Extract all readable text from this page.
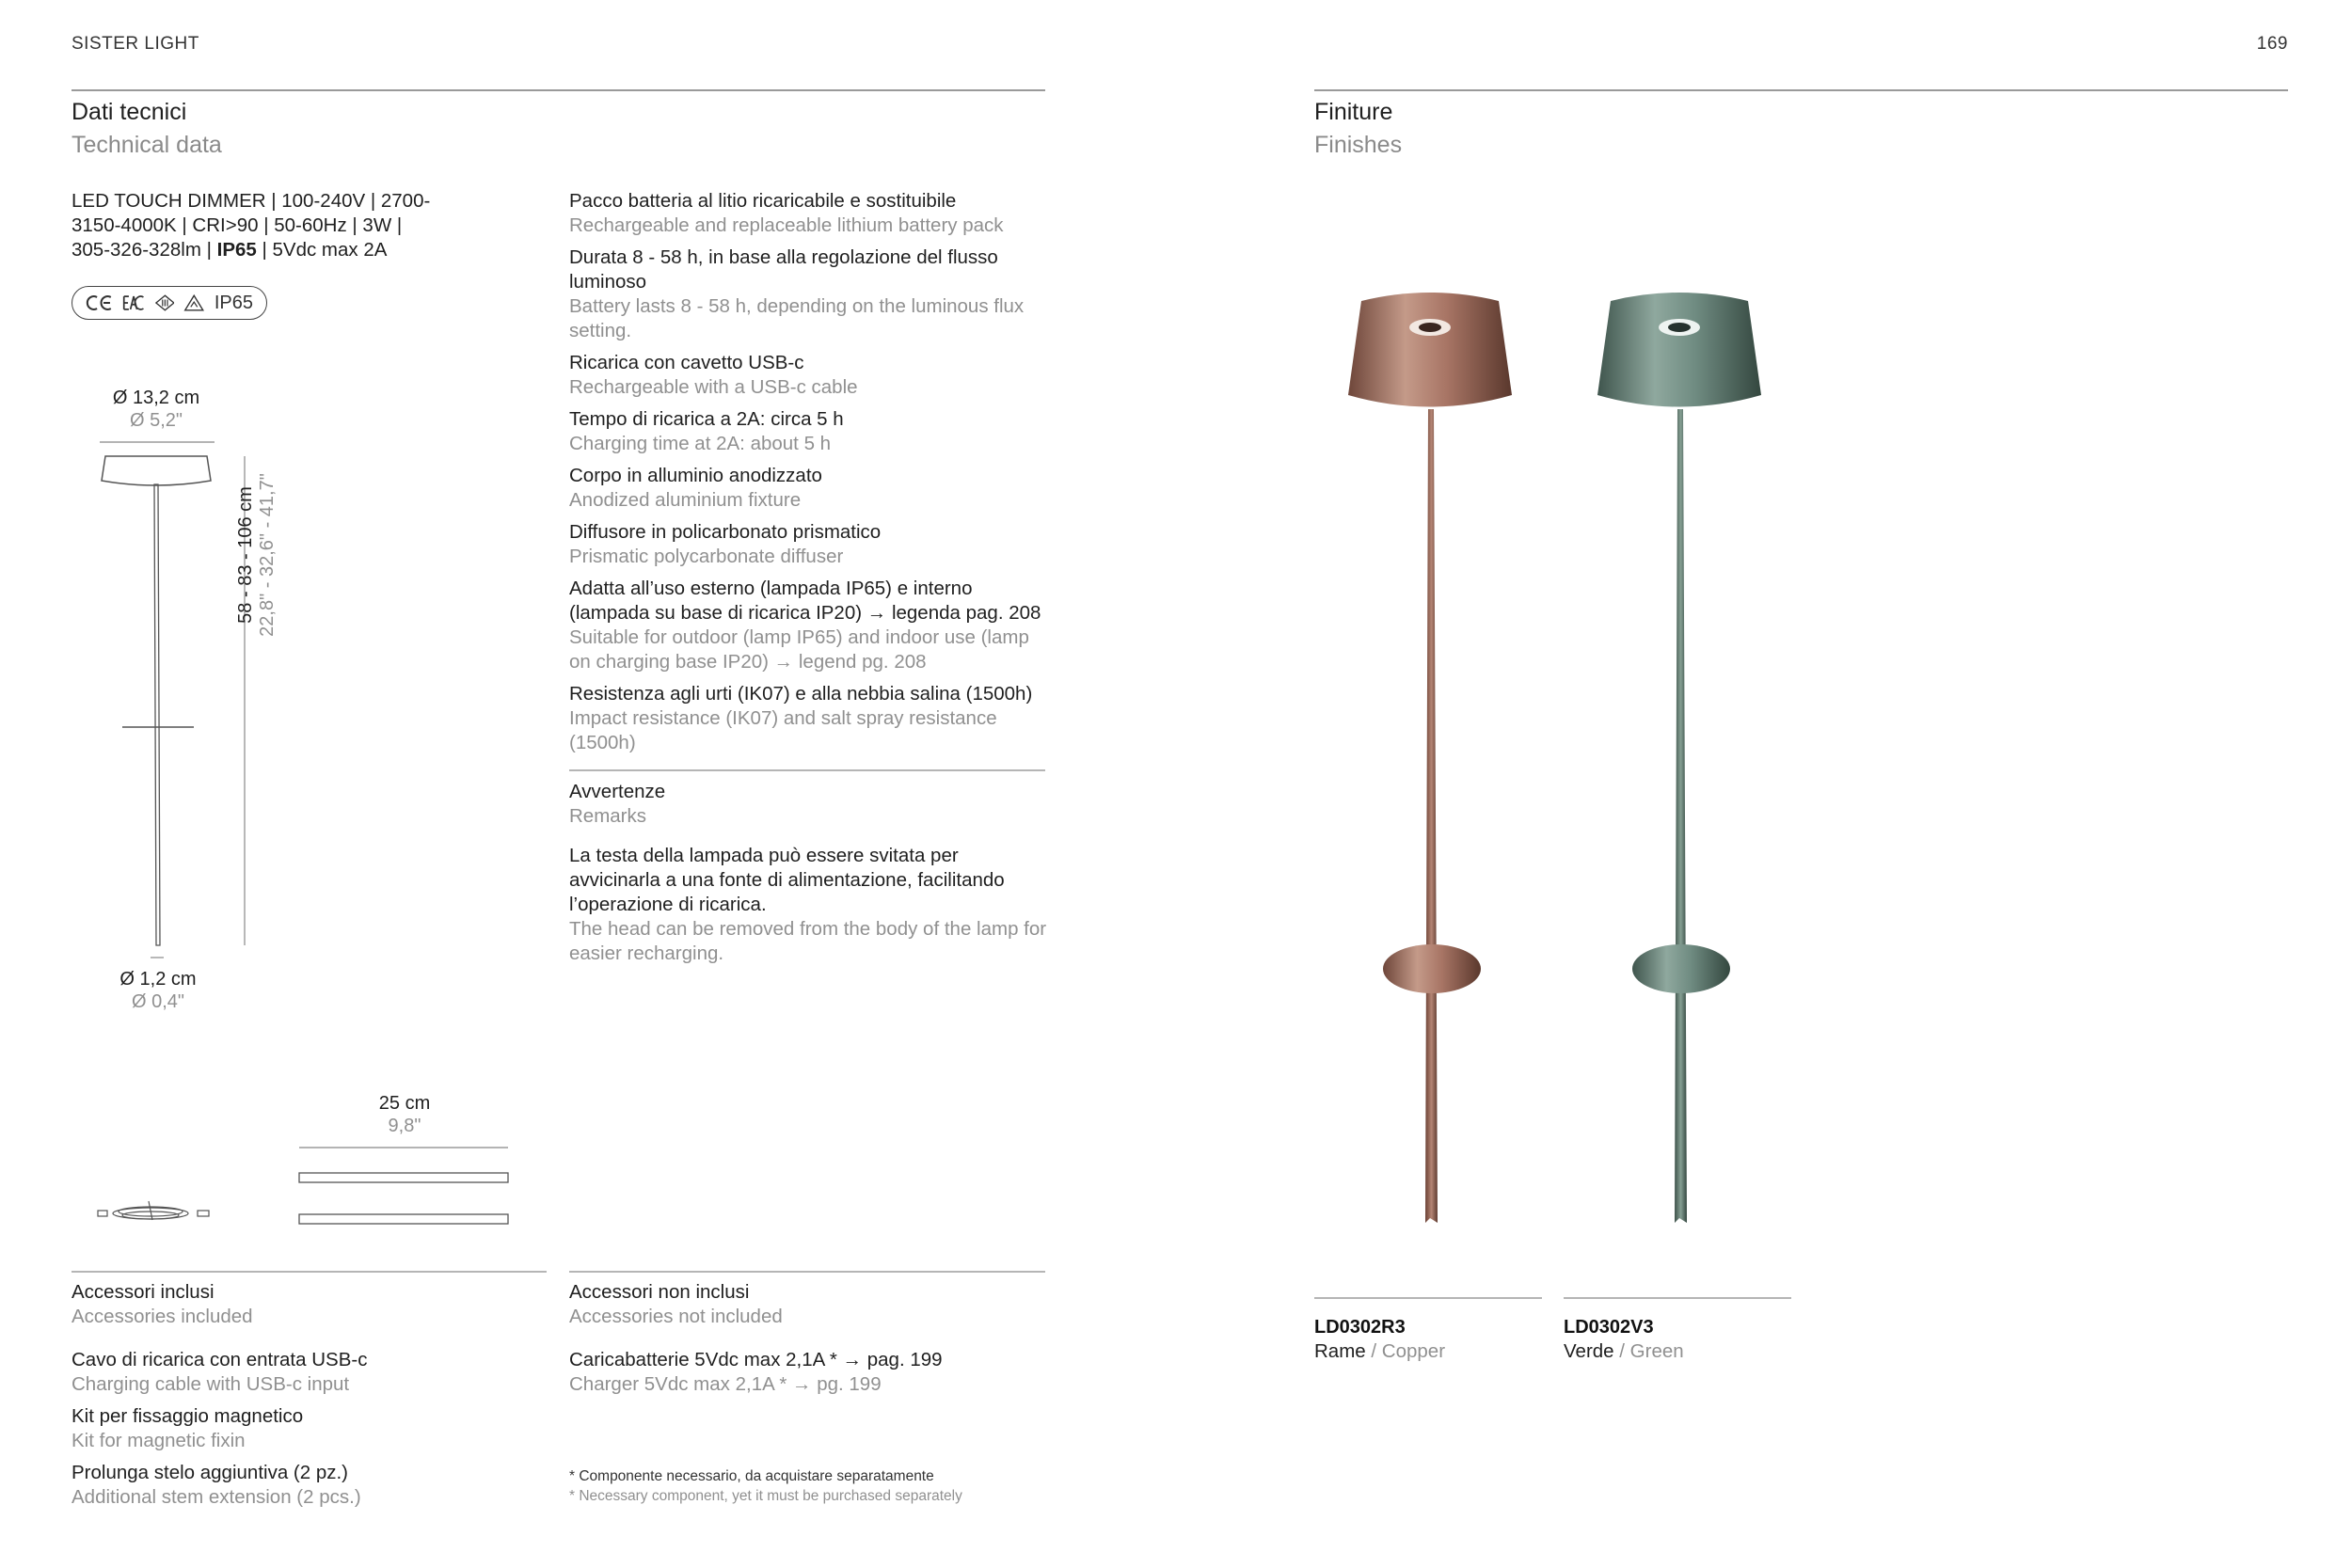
SISTER LIGHT	169
Dati tecnici
Technical data
LED TOUCH DIMMER | 100-240V | 2700-
3150-4000K | CRI>90 | 50-60Hz | 3W |
305-326-328lm | IP65 | 5Vdc max 2A
IP65
Ø 13,2 cm
Ø 5,2"
58 - 83 - 106 cm 22,8" - 32,6" - 41,7"
Ø 1,2 cm
Ø 0,4"
25 cm
9,8"
Pacco batteria al litio ricaricabile e sostituibile
Rechargeable and replaceable lithium battery pack
Durata 8 - 58 h, in base alla regolazione del flusso luminoso
Battery lasts 8 - 58 h, depending on the luminous flux setting.
Ricarica con cavetto USB-c
Rechargeable with a USB-c cable
Tempo di ricarica a 2A: circa 5 h
Charging time at 2A: about 5 h
Corpo in alluminio anodizzato
Anodized aluminium fixture
Diffusore in policarbonato prismatico
Prismatic polycarbonate diffuser
Adatta all’uso esterno (lampada IP65) e interno (lampada su base di ricarica IP20) → legenda pag. 208
Suitable for outdoor (lamp IP65) and indoor use (lamp on charging base IP20) → legend pg. 208
Resistenza agli urti (IK07) e alla nebbia salina (1500h)
Impact resistance (IK07) and salt spray resistance (1500h)
Avvertenze
Remarks
La testa della lampada può essere svitata per avvicinarla a una fonte di alimentazione, facilitando l’operazione di ricarica.
The head can be removed from the body of the lamp for easier recharging.
Accessori inclusi
Accessories included
Cavo di ricarica con entrata USB-c
Charging cable with USB-c input
Kit per fissaggio magnetico
Kit for magnetic fixin
Prolunga stelo aggiuntiva (2 pz.)
Additional stem extension (2 pcs.)
Accessori non inclusi
Accessories not included
Caricabatterie 5Vdc max 2,1A * → pag. 199
Charger 5Vdc max 2,1A * → pg. 199
* Componente necessario, da acquistare separatamente
* Necessary component, yet it must be purchased separately
Finiture
Finishes
LD0302R3
Rame / Copper
LD0302V3
Verde / Green
